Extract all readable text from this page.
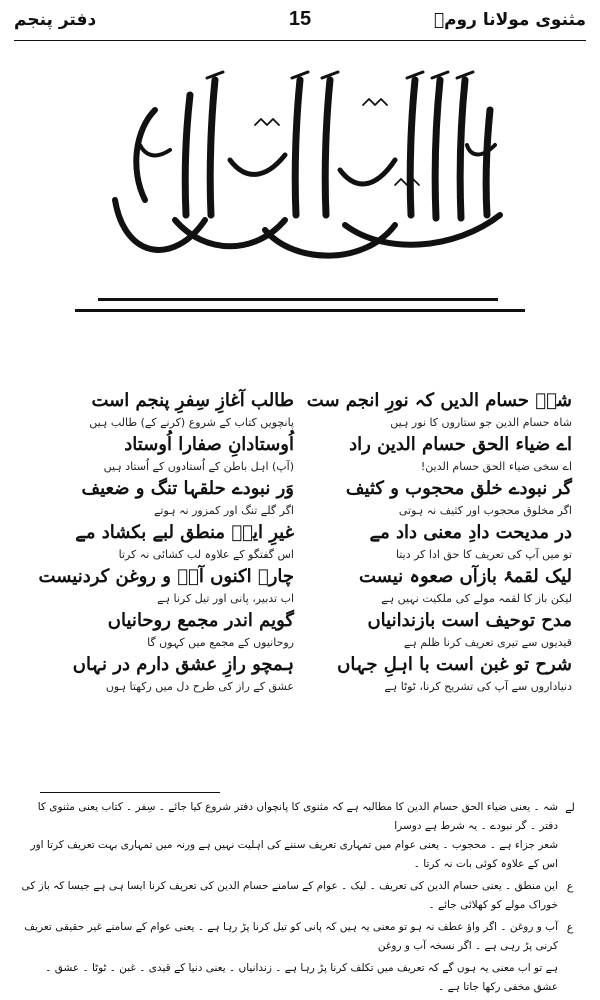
مثنوی مولانا رومؒ
15
دفتر پنجم
شہؔ حسام الدیں کہ نورِ انجم ست
شاہ حسام الدین جو ستاروں کا نور ہیں
اے ضیاء الحق حسام الدین راد
اے سخی ضیاء الحق حسام الدین!
گر نبودے خلق محجوب و کثیف
اگر مخلوق محجوب اور کثیف نہ ہوتی
در مدیحت دادِ معنی داد مے
تو میں آپ کی تعریف کا حق ادا کر دیتا
لیک لقمۂ بازآں صعوہ نیست
لیکن باز کا لقمہ مولے کی ملکیت نہیں ہے
مدح توحیف است بازندانیاں
قیدیوں سے تیری تعریف کرنا ظلم ہے
شرح تو غبن است با اہلِ جہاں
دنیاداروں سے آپ کی تشریح کرنا، ٹوٹا ہے
طالب آغازِ سِفرِ پنجم است
پانچویں کتاب کے شروع (کرنے کے) طالب ہیں
اُوستادانِ صفارا اُوستاد
(آپ) اہل باطن کے اُستادوں کے اُستاد ہیں
وَر نبودے حلقہا تنگ و ضعیف
اگر گلے تنگ اور کمزور نہ ہوتے
غیرِ ایںؔ منطق لبے بکشاد مے
اس گفتگو کے علاوہ لب کشائی نہ کرتا
چارہ اکنوں آبؔ و روغن کردنیست
اب تدبیر، پانی اور تیل کرنا ہے
گویم اندر مجمع روحانیاں
روحانیوں کے مجمع میں کہوں گا
ہمچو رازِ عشق دارم در نہاں
عشق کے راز کی طرح دل میں رکھتا ہوں
لے
شہ ۔ یعنی ضیاء الحق حسام الدین کا مطالبہ ہے کہ مثنوی کا پانچواں دفتر شروع کیا جائے ۔ سِفر ۔ کتاب یعنی مثنوی کا دفتر ۔ گر نبودے ۔ یہ شرط ہے دوسرا
شعر جزاء ہے ۔ محجوب ۔ یعنی عوام میں تمہاری تعریف سننے کی اہلیت نہیں ہے ورنہ میں تمہاری بہت تعریف کرتا اور اس کے علاوہ کوئی بات نہ کرتا ۔
ع
این منطق ۔ یعنی حسام الدین کی تعریف ۔ لیک ۔ عوام کے سامنے حسام الدین کی تعریف کرنا ایسا ہی ہے جیسا کہ باز کی خوراک مولے کو کھلائی جائے ۔
ع
آب و روغن ۔ اگر واؤ عطف نہ ہو تو معنی یہ ہیں کہ پانی کو تیل کرنا پڑ رہا ہے ۔ یعنی عوام کے سامنے غیر حقیقی تعریف کرنی پڑ رہی ہے ۔ اگر نسخہ آب و روغن
ہے تو اب معنی یہ ہوں گے کہ تعریف میں تکلف کرنا پڑ رہا ہے ۔ زندانیاں ۔ یعنی دنیا کے قیدی ۔ غبن ۔ ٹوٹا ۔ عشق ۔ عشق مخفی رکھا جاتا ہے ۔
